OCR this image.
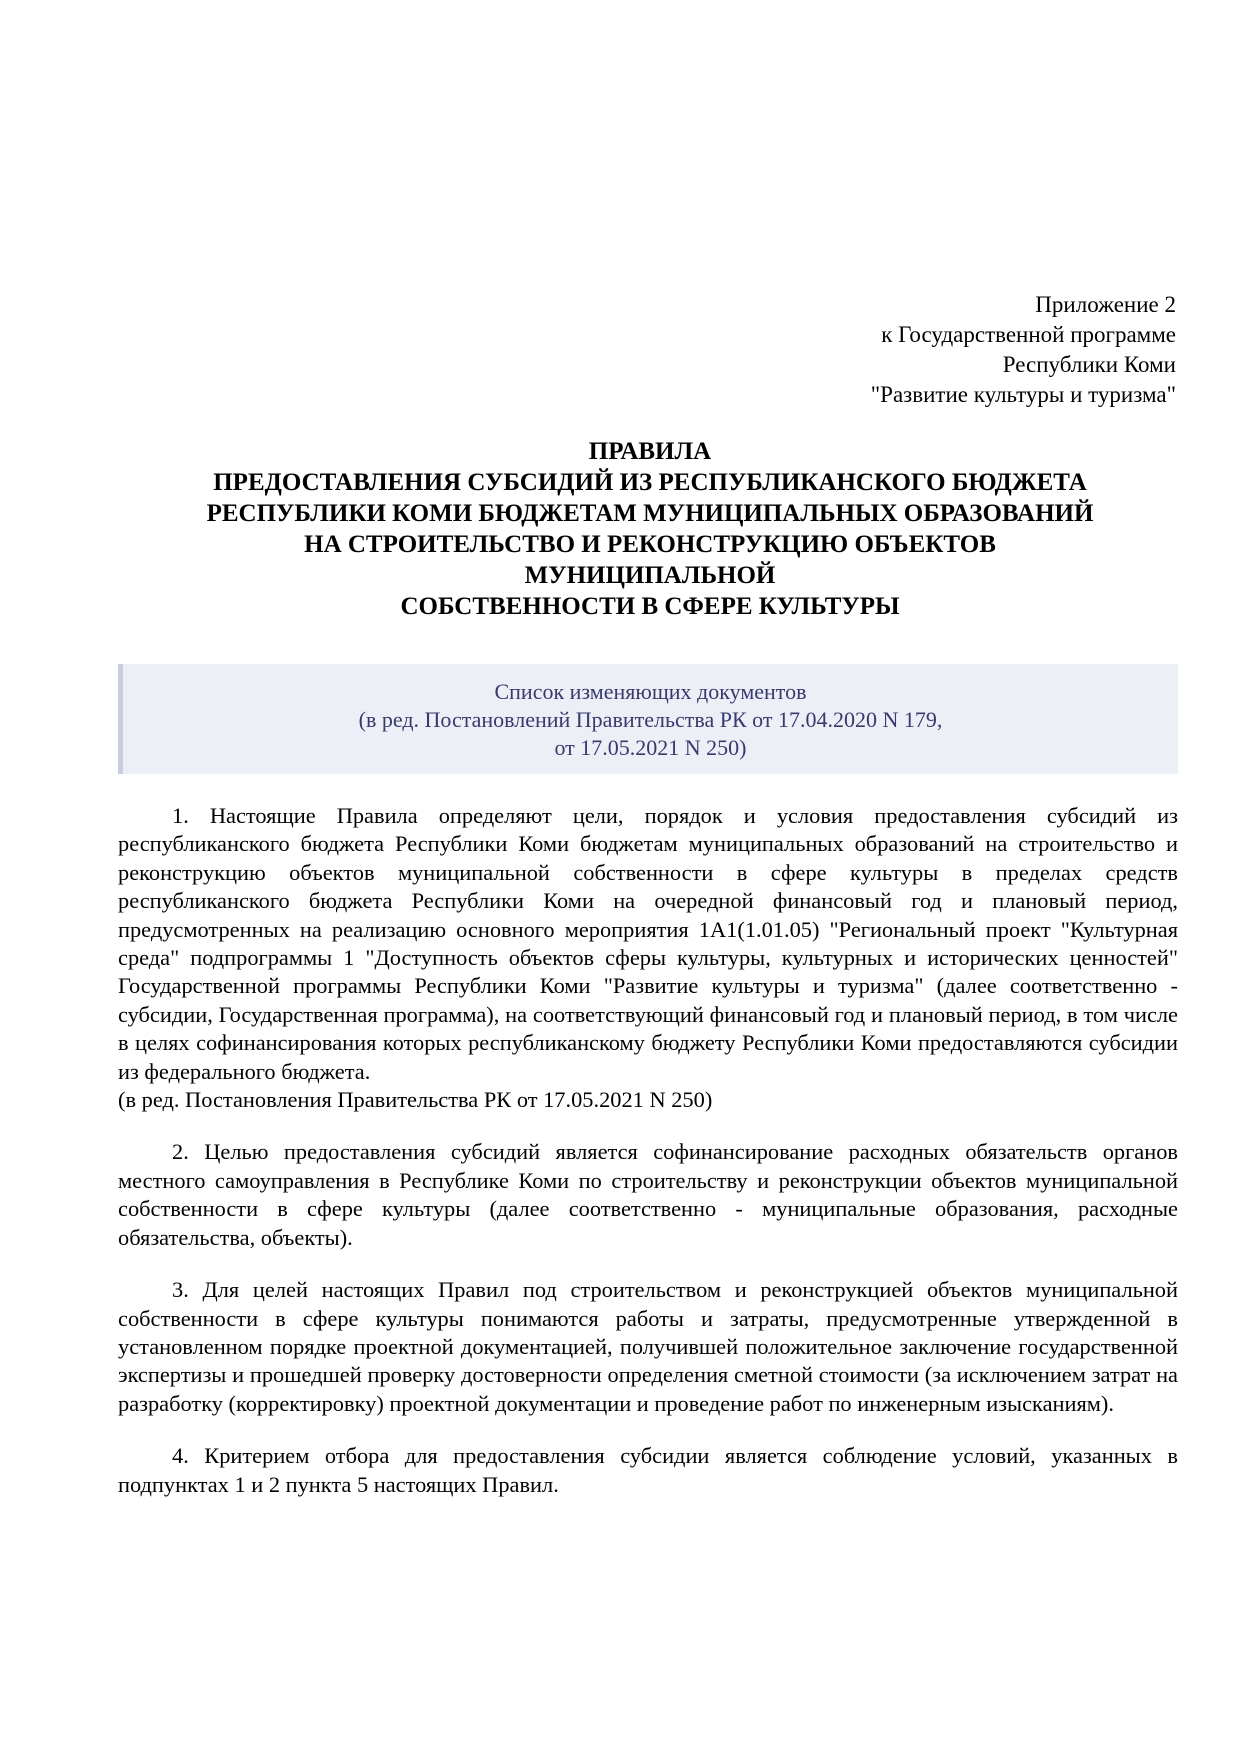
Приложение 2
к Государственной программе
Республики Коми
"Развитие культуры и туризма"
ПРАВИЛА
ПРЕДОСТАВЛЕНИЯ СУБСИДИЙ ИЗ РЕСПУБЛИКАНСКОГО БЮДЖЕТА
РЕСПУБЛИКИ КОМИ БЮДЖЕТАМ МУНИЦИПАЛЬНЫХ ОБРАЗОВАНИЙ
НА СТРОИТЕЛЬСТВО И РЕКОНСТРУКЦИЮ ОБЪЕКТОВ
МУНИЦИПАЛЬНОЙ
СОБСТВЕННОСТИ В СФЕРЕ КУЛЬТУРЫ
Список изменяющих документов
(в ред. Постановлений Правительства РК от 17.04.2020 N 179,
от 17.05.2021 N 250)

1. Настоящие Правила определяют цели, порядок и условия предоставления субсидий из республиканского бюджета Республики Коми бюджетам муниципальных образований на строительство и реконструкцию объектов муниципальной собственности в сфере культуры в пределах средств республиканского бюджета Республики Коми на очередной финансовый год и плановый период, предусмотренных на реализацию основного мероприятия 1А1(1.01.05) "Региональный проект "Культурная среда" подпрограммы 1 "Доступность объектов сферы культуры, культурных и исторических ценностей" Государственной программы Республики Коми "Развитие культуры и туризма" (далее соответственно - субсидии, Государственная программа), на соответствующий финансовый год и плановый период, в том числе в целях софинансирования которых республиканскому бюджету Республики Коми предоставляются субсидии из федерального бюджета.

(в ред. Постановления Правительства РК от 17.05.2021 N 250)

2. Целью предоставления субсидий является софинансирование расходных обязательств органов местного самоуправления в Республике Коми по строительству и реконструкции объектов муниципальной собственности в сфере культуры (далее соответственно - муниципальные образования, расходные обязательства, объекты).

3. Для целей настоящих Правил под строительством и реконструкцией объектов муниципальной собственности в сфере культуры понимаются работы и затраты, предусмотренные утвержденной в установленном порядке проектной документацией, получившей положительное заключение государственной экспертизы и прошедшей проверку достоверности определения сметной стоимости (за исключением затрат на разработку (корректировку) проектной документации и проведение работ по инженерным изысканиям).

4. Критерием отбора для предоставления субсидии является соблюдение условий, указанных в подпунктах 1 и 2 пункта 5 настоящих Правил.
